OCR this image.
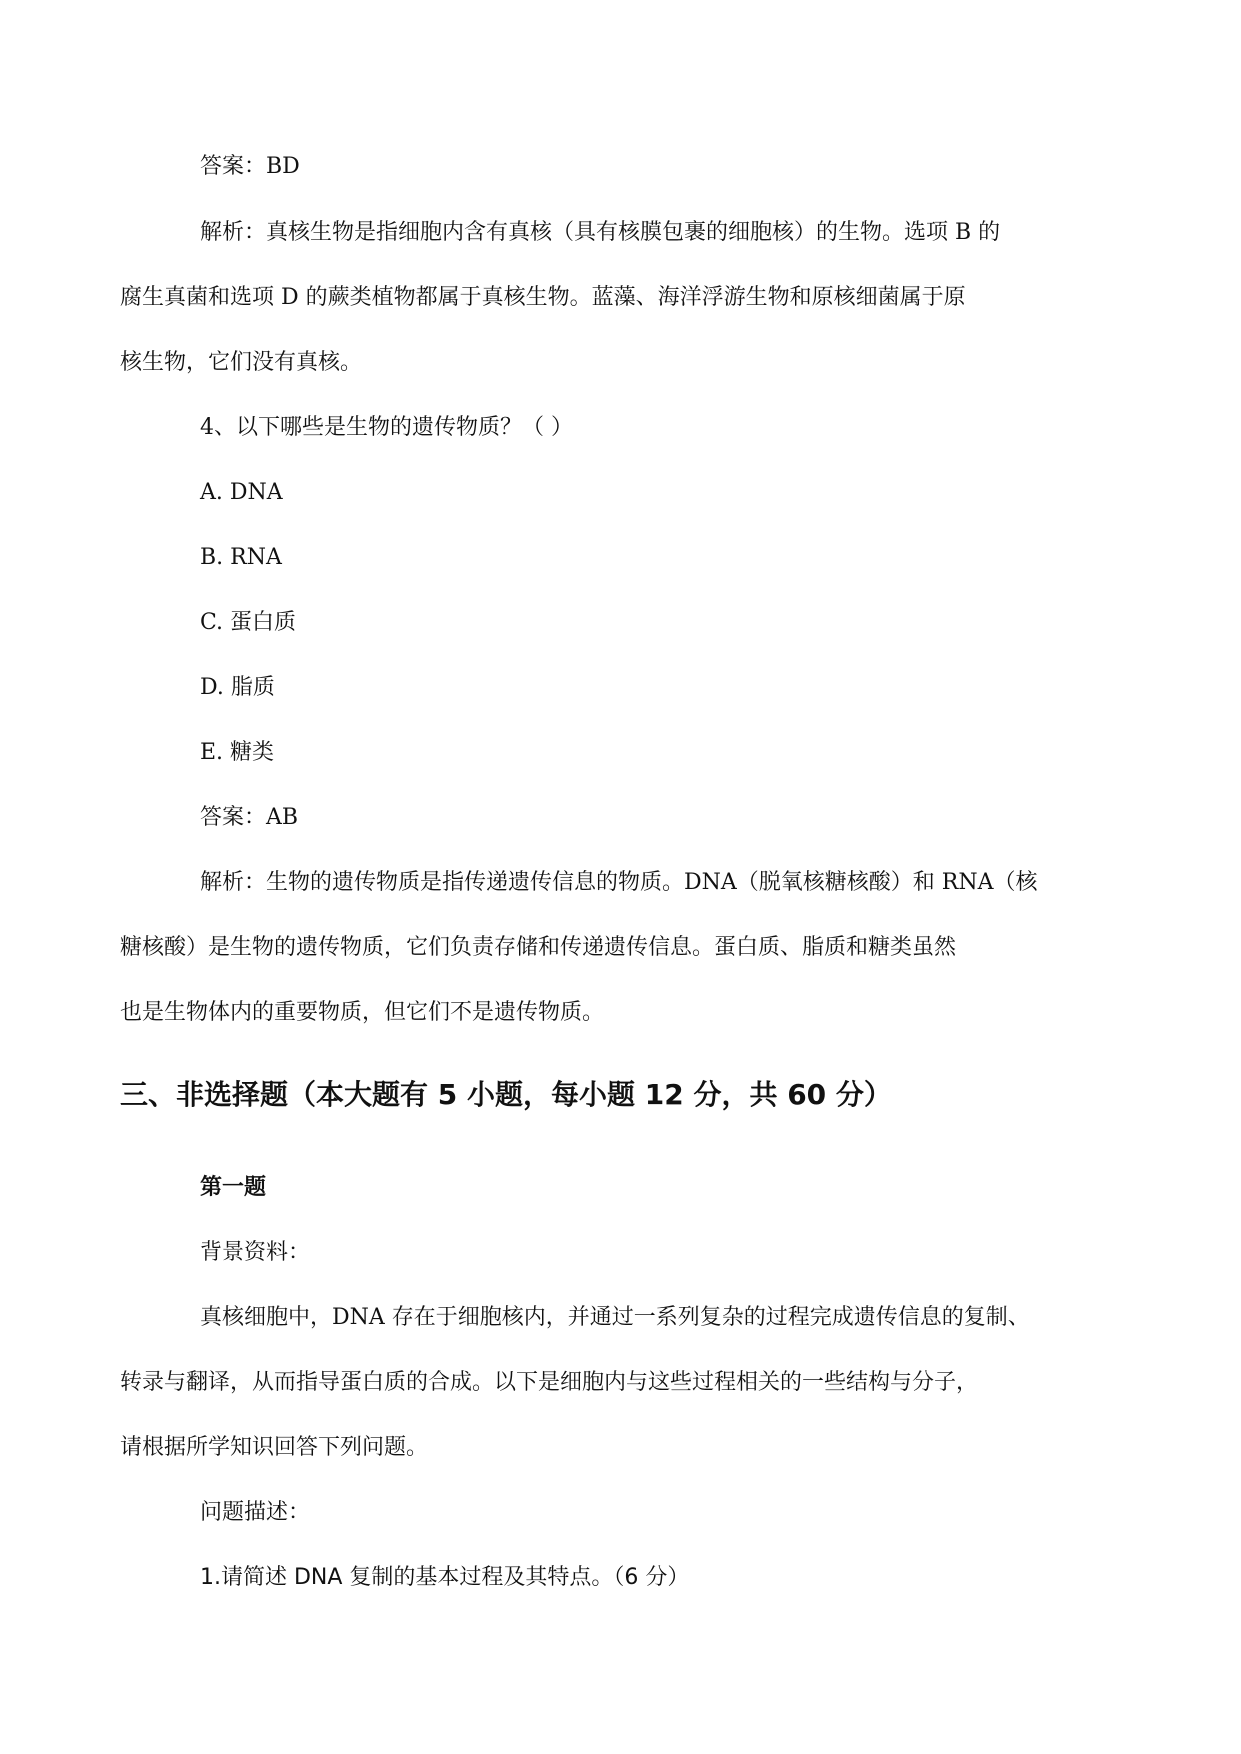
答案：BD
解析：真核生物是指细胞内含有真核（具有核膜包裹的细胞核）的生物。选项 B 的
腐生真菌和选项 D 的蕨类植物都属于真核生物。蓝藻、海洋浮游生物和原核细菌属于原
核生物，它们没有真核。
4、以下哪些是生物的遗传物质？（ ）
A. DNA
B. RNA
C. 蛋白质
D. 脂质
E. 糖类
答案：AB
解析：生物的遗传物质是指传递遗传信息的物质。DNA（脱氧核糖核酸）和 RNA（核
糖核酸）是生物的遗传物质，它们负责存储和传递遗传信息。蛋白质、脂质和糖类虽然
也是生物体内的重要物质，但它们不是遗传物质。
三、非选择题（本大题有 5 小题，每小题 12 分，共 60 分）
第一题
背景资料：
真核细胞中，DNA 存在于细胞核内，并通过一系列复杂的过程完成遗传信息的复制、
转录与翻译，从而指导蛋白质的合成。以下是细胞内与这些过程相关的一些结构与分子，
请根据所学知识回答下列问题。
问题描述：
1.请简述 DNA 复制的基本过程及其特点。（6 分）
